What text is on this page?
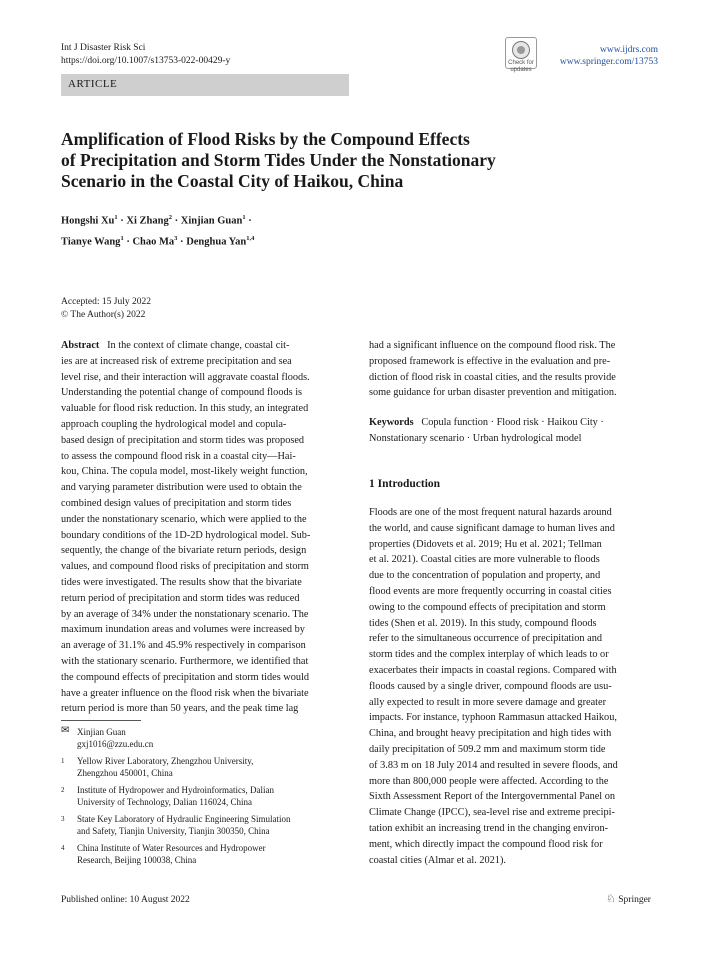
Int J Disaster Risk Sci
https://doi.org/10.1007/s13753-022-00429-y	Check for
updates
www.ijdrs.com
www.springer.com/13753
ARTICLE
Amplification of Flood Risks by the Compound Effects
of Precipitation and Storm Tides Under the Nonstationary
Scenario in the Coastal City of Haikou, China
Hongshi $Xu^1 \cdot Xi$ Zhang$^2$ · Xinjian Guan$^1$ ·
Tianye Wang$^1$ · Chao $Ma^3$ · Denghua Yan$^{1,4}$
Accepted: 15 July 2022
© The Author(s) 2022
Abstract In the context of climate change, coastal cit-
ies are at increased risk of extreme precipitation and sea
level rise, and their interaction will aggravate coastal floods.
Understanding the potential change of compound floods is
valuable for flood risk reduction. In this study, an integrated
approach coupling the hydrological model and copula-
based design of precipitation and storm tides was proposed
to assess the compound flood risk in a coastal city—Hai-
kou, China. The copula model, most-likely weight function,
and varying parameter distribution were used to obtain the
combined design values of precipitation and storm tides
under the nonstationary scenario, which were applied to the
boundary conditions of the 1D-2D hydrological model. Sub-
sequently, the change of the bivariate return periods, design
values, and compound flood risks of precipitation and storm
tides were investigated. The results show that the bivariate
return period of precipitation and storm tides was reduced
by an average of 34% under the nonstationary scenario. The
maximum inundation areas and volumes were increased by
an average of 31.1% and 45.9% respectively in comparison
with the stationary scenario. Furthermore, we identified that
the compound effects of precipitation and storm tides would
have a greater influence on the flood risk when the bivariate
return period is more than 50 years, and the peak time lag
✉ Xinjian Guan
gxj1016@zzu.edu.cn
1	Yellow River Laboratory, Zhengzhou University,
Zhengzhou 450001, China
2	Institute of Hydropower and Hydroinformatics, Dalian
University of Technology, Dalian 116024, China
3	State Key Laboratory of Hydraulic Engineering Simulation
and Safety, Tianjin University, Tianjin 300350, China
4	China Institute of Water Resources and Hydropower
Research, Beijing 100038, China
had a significant influence on the compound flood risk. The
proposed framework is effective in the evaluation and pre-
diction of flood risk in coastal cities, and the results provide
some guidance for urban disaster prevention and mitigation.
Keywords Copula function · Flood risk · Haikou City ·
Nonstationary scenario · Urban hydrological model
1 Introduction
Floods are one of the most frequent natural hazards around
the world, and cause significant damage to human lives and
properties (Didovets et al. 2019; Hu et al. 2021; Tellman
et al. 2021). Coastal cities are more vulnerable to floods
due to the concentration of population and property, and
flood events are more frequently occurring in coastal cities
owing to the compound effects of precipitation and storm
tides (Shen et al. 2019). In this study, compound floods
refer to the simultaneous occurrence of precipitation and
storm tides and the complex interplay of which leads to or
exacerbates their impacts in coastal regions. Compared with
floods caused by a single driver, compound floods are usu-
ally expected to result in more severe damage and greater
impacts. For instance, typhoon Rammasun attacked Haikou,
China, and brought heavy precipitation and high tides with
daily precipitation of 509.2 mm and maximum storm tide
of 3.83 m on 18 July 2014 and resulted in severe floods, and
more than 800,000 people were affected. According to the
Sixth Assessment Report of the Intergovernmental Panel on
Climate Change (IPCC), sea-level rise and extreme precipi-
tation exhibit an increasing trend in the changing environ-
ment, which directly impact the compound flood risk for
coastal cities (Almar et al. 2021).
Published online: 10 August 2022	♘ Springer
